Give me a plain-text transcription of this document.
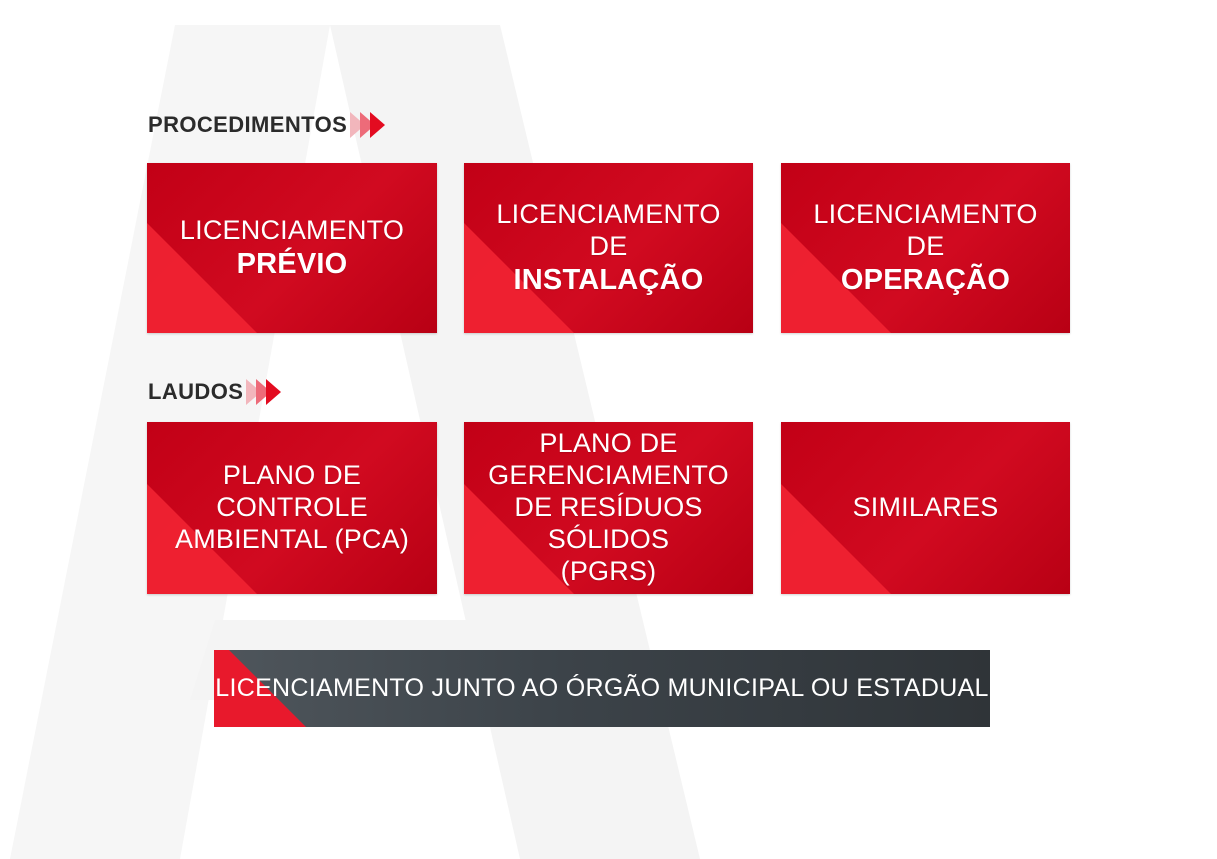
PROCEDIMENTOS
LICENCIAMENTO
PRÉVIO
LICENCIAMENTO DE
INSTALAÇÃO
LICENCIAMENTO DE
OPERAÇÃO
LAUDOS
PLANO DE CONTROLE
AMBIENTAL (PCA)
PLANO DE GERENCIAMENTO
DE RESÍDUOS SÓLIDOS
(PGRS)
SIMILARES
LICENCIAMENTO JUNTO AO ÓRGÃO MUNICIPAL OU ESTADUAL
